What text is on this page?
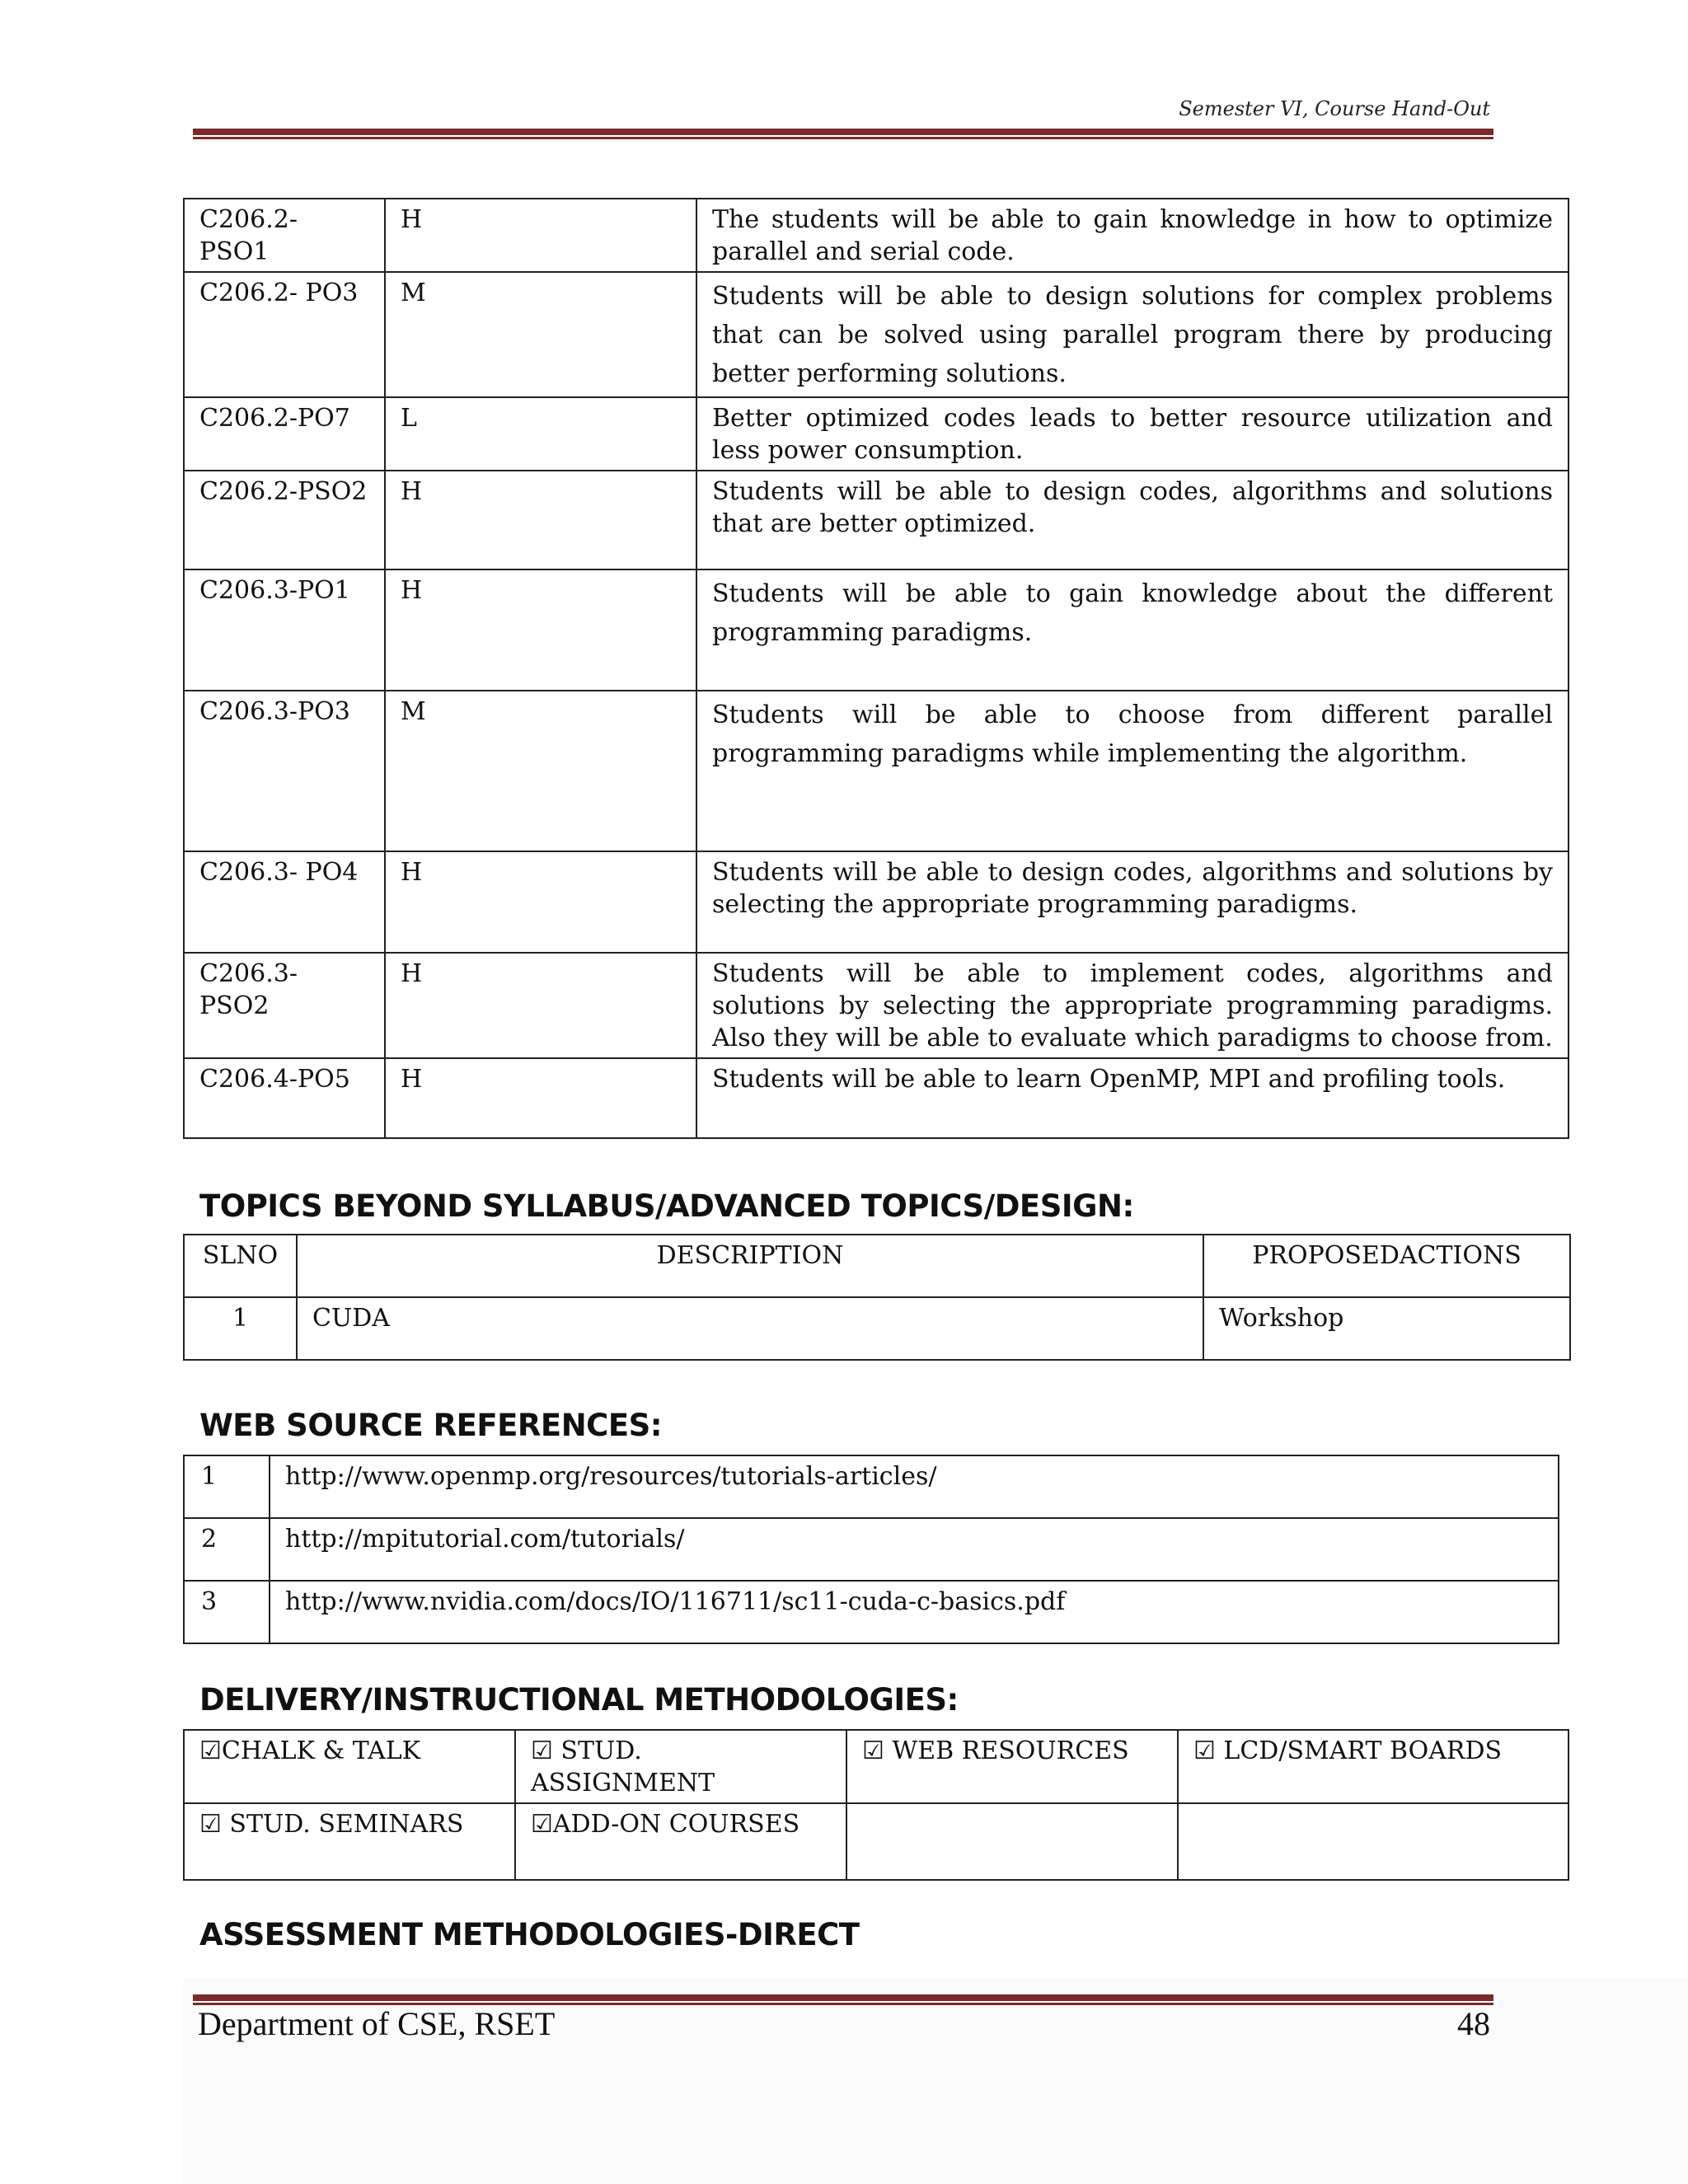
Semester VI, Course Hand-Out
C206.2- PSO1	H	The students will be able to gain knowledge in how to optimize parallel and serial code.
C206.2- PO3	M	Students will be able to design solutions for complex problems that can be solved using parallel program there by producing better performing solutions.
C206.2-PO7	L	Better optimized codes leads to better resource utilization and less power consumption.
C206.2-PSO2	H	Students will be able to design codes, algorithms and solutions that are better optimized.
C206.3-PO1	H	Students will be able to gain knowledge about the different programming paradigms.
C206.3-PO3	M	Students will be able to choose from different parallel programming paradigms while implementing the algorithm.
C206.3- PO4	H	Students will be able to design codes, algorithms and solutions by selecting the appropriate programming paradigms.
C206.3- PSO2	H	Students will be able to implement codes, algorithms and solutions by selecting the appropriate programming paradigms. Also they will be able to evaluate which paradigms to choose from.
C206.4-PO5	H	Students will be able to learn OpenMP, MPI and profiling tools.
TOPICS BEYOND SYLLABUS/ADVANCED TOPICS/DESIGN:
SLNO	DESCRIPTION	PROPOSEDACTIONS
1	CUDA	Workshop
WEB SOURCE REFERENCES:
1	http://www.openmp.org/resources/tutorials-articles/
2	http://mpitutorial.com/tutorials/
3	http://www.nvidia.com/docs/IO/116711/sc11-cuda-c-basics.pdf
DELIVERY/INSTRUCTIONAL METHODOLOGIES:
☑CHALK & TALK	☑ STUD. ASSIGNMENT	☑ WEB RESOURCES	☑ LCD/SMART BOARDS
☑ STUD. SEMINARS	☑ADD-ON COURSES		
ASSESSMENT METHODOLOGIES-DIRECT
Department of CSE, RSET	48
